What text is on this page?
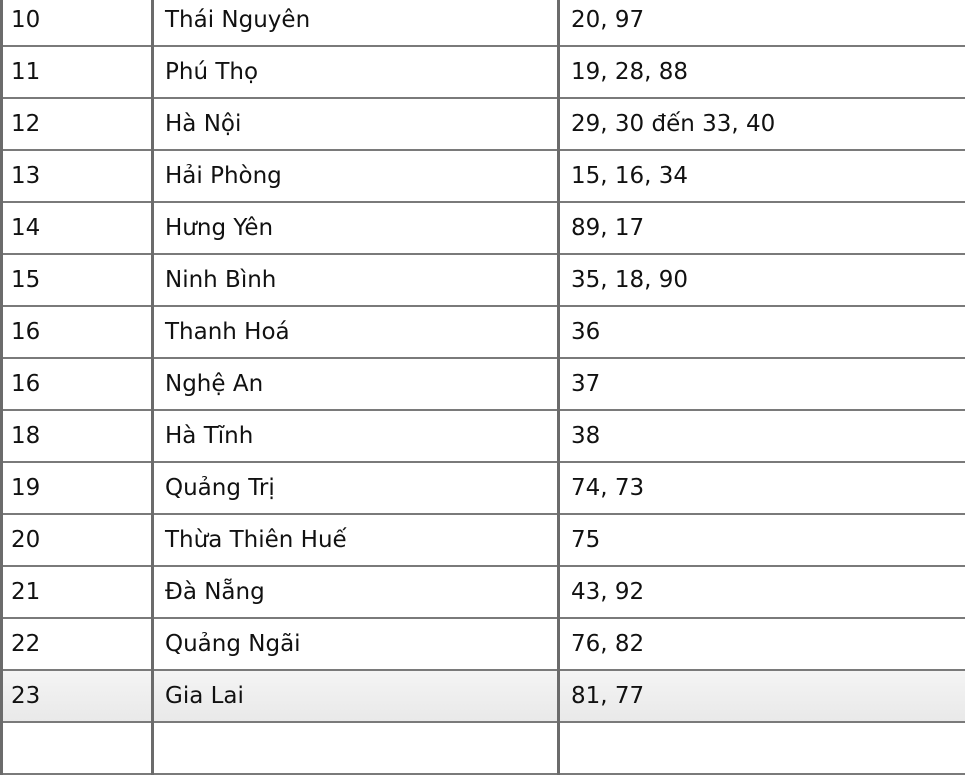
10	Thái Nguyên	20, 97
11	Phú Thọ	19, 28, 88
12	Hà Nội	29, 30 đến 33, 40
13	Hải Phòng	15, 16, 34
14	Hưng Yên	89, 17
15	Ninh Bình	35, 18, 90
16	Thanh Hoá	36
16	Nghệ An	37
18	Hà Tĩnh	38
19	Quảng Trị	74, 73
20	Thừa Thiên Huế	75
21	Đà Nẵng	43, 92
22	Quảng Ngãi	76, 82
23	Gia Lai	81, 77
